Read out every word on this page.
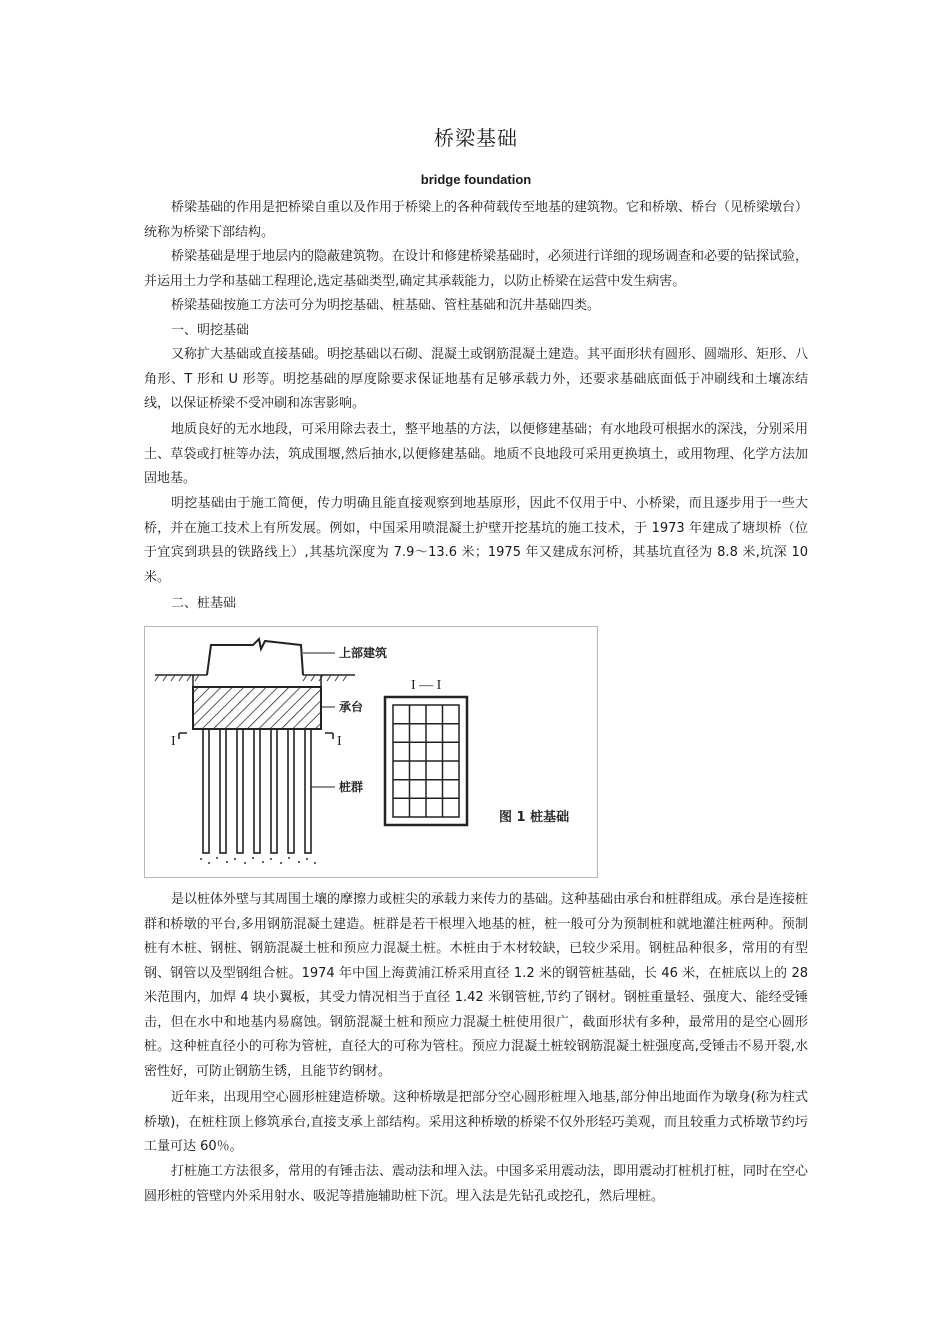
桥梁基础
bridge foundation
桥梁基础的作用是把桥梁自重以及作用于桥梁上的各种荷载传至地基的建筑物。它和桥墩、桥台（见桥梁墩台）统称为桥梁下部结构。
桥梁基础是埋于地层内的隐蔽建筑物。在设计和修建桥梁基础时，必须进行详细的现场调查和必要的钻探试验，并运用土力学和基础工程理论,选定基础类型,确定其承载能力，以防止桥梁在运营中发生病害。
桥梁基础按施工方法可分为明挖基础、桩基础、管柱基础和沉井基础四类。
一、明挖基础
又称扩大基础或直接基础。明挖基础以石砌、混凝土或钢筋混凝土建造。其平面形状有圆形、圆端形、矩形、八角形、T 形和 U 形等。明挖基础的厚度除要求保证地基有足够承载力外，还要求基础底面低于冲刷线和土壤冻结线，以保证桥梁不受冲刷和冻害影响。
地质良好的无水地段，可采用除去表土，整平地基的方法，以便修建基础；有水地段可根据水的深浅，分别采用土、草袋或打桩等办法，筑成围堰,然后抽水,以便修建基础。地质不良地段可采用更换填土，或用物理、化学方法加固地基。
明挖基础由于施工简便，传力明确且能直接观察到地基原形，因此不仅用于中、小桥梁，而且逐步用于一些大桥，并在施工技术上有所发展。例如，中国采用喷混凝土护壁开挖基坑的施工技术，于 1973 年建成了塘坝桥（位于宜宾到珙县的铁路线上）,其基坑深度为 7.9～13.6 米；1975 年又建成东河桥，其基坑直径为 8.8 米,坑深 10 米。
二、桩基础
I	I
上部建筑
承台
桩群
I — I
图 1 桩基础
是以桩体外壁与其周围土壤的摩擦力或桩尖的承载力来传力的基础。这种基础由承台和桩群组成。承台是连接桩群和桥墩的平台,多用钢筋混凝土建造。桩群是若干根埋入地基的桩，桩一般可分为预制桩和就地灌注桩两种。预制桩有木桩、钢桩、钢筋混凝土桩和预应力混凝土桩。木桩由于木材较缺，已较少采用。钢桩品种很多，常用的有型钢、钢管以及型钢组合桩。1974 年中国上海黄浦江桥采用直径 1.2 米的钢管桩基础，长 46 米，在桩底以上的 28 米范围内，加焊 4 块小翼板，其受力情况相当于直径 1.42 米钢管桩,节约了钢材。钢桩重量轻、强度大、能经受锤击，但在水中和地基内易腐蚀。钢筋混凝土桩和预应力混凝土桩使用很广，截面形状有多种，最常用的是空心圆形桩。这种桩直径小的可称为管桩，直径大的可称为管柱。预应力混凝土桩较钢筋混凝土桩强度高,受锤击不易开裂,水密性好，可防止钢筋生锈，且能节约钢材。
近年来，出现用空心圆形桩建造桥墩。这种桥墩是把部分空心圆形桩埋入地基,部分伸出地面作为墩身(称为柱式桥墩)，在桩柱顶上修筑承台,直接支承上部结构。采用这种桥墩的桥梁不仅外形轻巧美观，而且较重力式桥墩节约圬工量可达 60％。
打桩施工方法很多，常用的有锤击法、震动法和埋入法。中国多采用震动法，即用震动打桩机打桩，同时在空心圆形桩的管壁内外采用射水、吸泥等措施辅助桩下沉。埋入法是先钻孔或挖孔，然后埋桩。
